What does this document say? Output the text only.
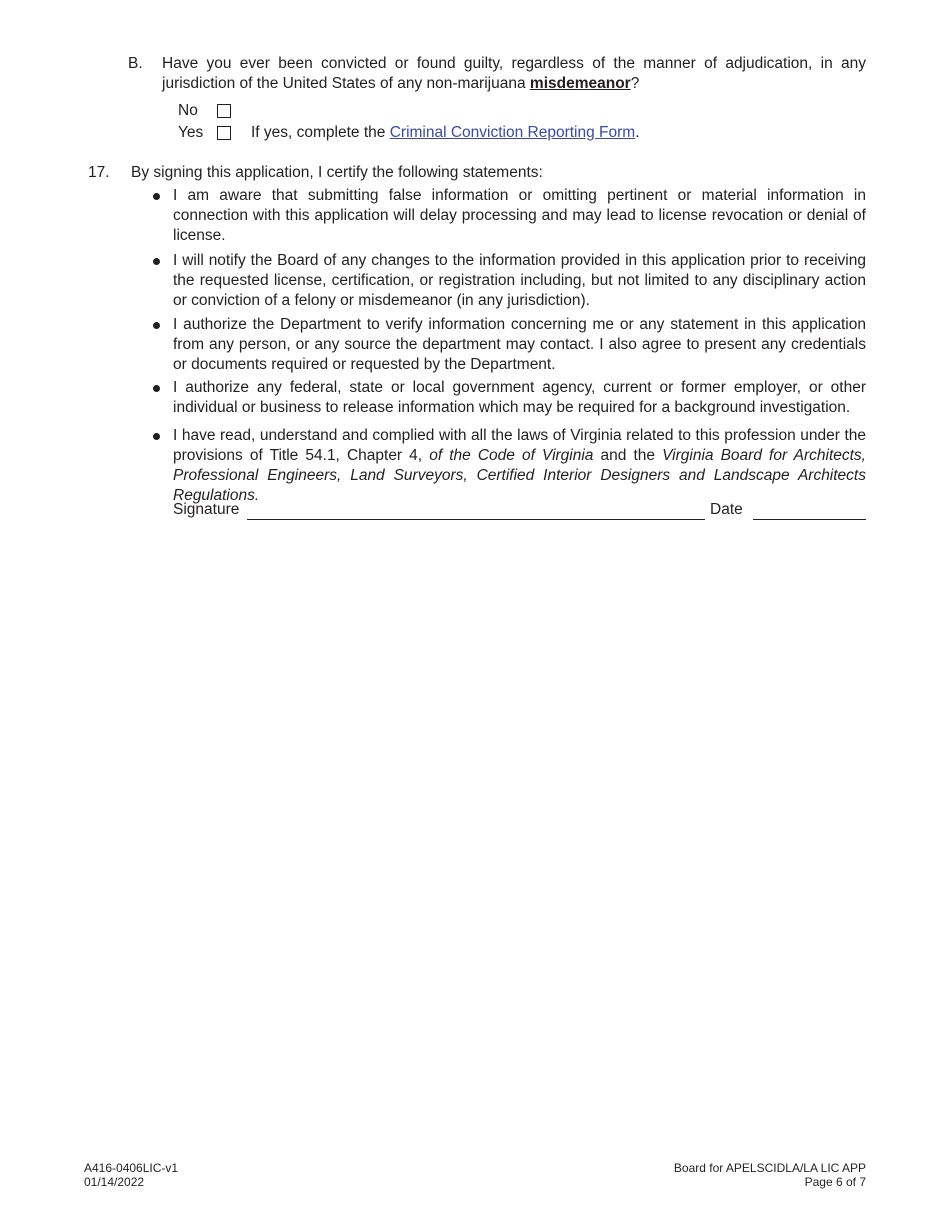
B. Have you ever been convicted or found guilty, regardless of the manner of adjudication, in any jurisdiction of the United States of any non-marijuana misdemeanor?
No
Yes	If yes, complete the Criminal Conviction Reporting Form.
17. By signing this application, I certify the following statements:
I am aware that submitting false information or omitting pertinent or material information in connection with this application will delay processing and may lead to license revocation or denial of license.
I will notify the Board of any changes to the information provided in this application prior to receiving the requested license, certification, or registration including, but not limited to any disciplinary action or conviction of a felony or misdemeanor (in any jurisdiction).
I authorize the Department to verify information concerning me or any statement in this application from any person, or any source the department may contact. I also agree to present any credentials or documents required or requested by the Department.
I authorize any federal, state or local government agency, current or former employer, or other individual or business to release information which may be required for a background investigation.
I have read, understand and complied with all the laws of Virginia related to this profession under the provisions of Title 54.1, Chapter 4, of the Code of Virginia and the Virginia Board for Architects, Professional Engineers, Land Surveyors, Certified Interior Designers and Landscape Architects Regulations.
Signature	Date
A416-0406LIC-v1
01/14/2022
Board for APELSCIDLA/LA LIC APP
Page 6 of 7
